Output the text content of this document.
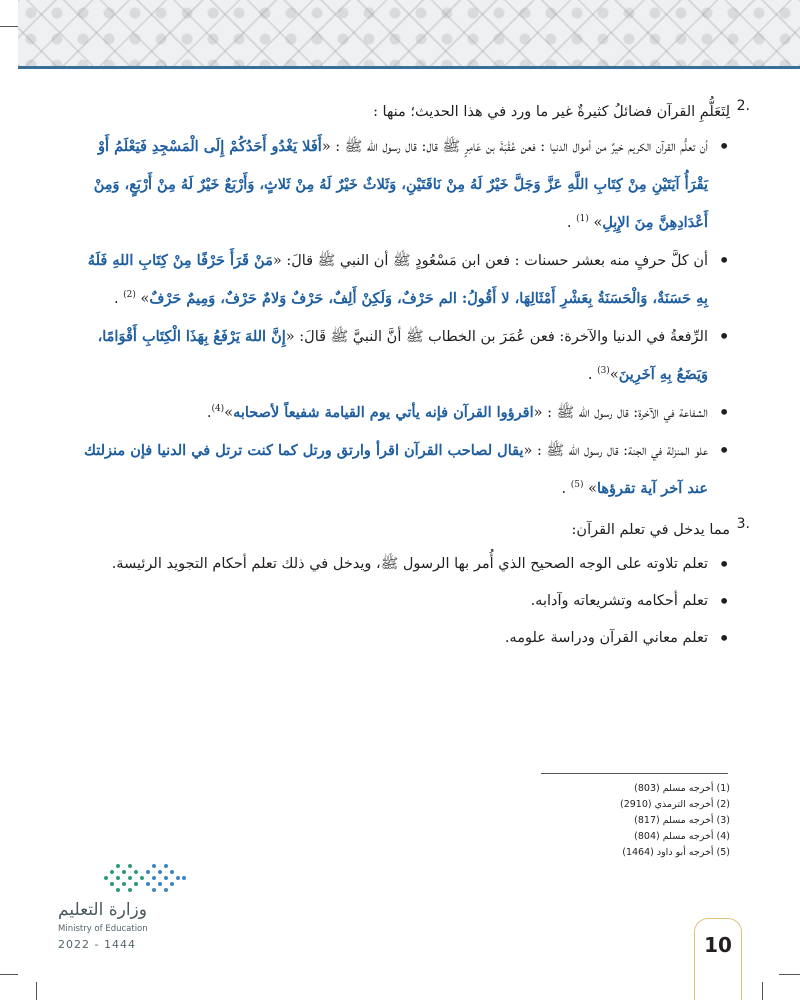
2.
لِتَعَلُّمِ القرآن فضائلُ كثيرةٌ غير ما ورد في هذا الحديث؛ منها :
• أن تعلُّم القرآن الكريم خيرٌ من أموال الدنيا : فعن عُقْبَةَ بن عَامِرٍ ﷺ قال: قال رسول الله ﷺ : «أَفَلا يَغْدُو أَحَدُكُمْ إِلَى الْمَسْجِدِ فَيَعْلَمُ أَوْ يَقْرَأُ آيَتَيْنِ مِنْ كِتَابِ اللَّهِ عَزَّ وَجَلَّ خَيْرٌ لَهُ مِنْ نَاقَتَيْنِ، وَثَلاثٌ خَيْرٌ لَهُ مِنْ ثَلاثٍ، وَأَرْبَعٌ خَيْرٌ لَهُ مِنْ أَرْبَعٍ، وَمِنْ أَعْدَادِهِنَّ مِنَ الإِبِلِ» $^{(1)}$ .
• أن كلَّ حرفٍ منه بعشر حسنات : فعن ابن مَسْعُودٍ ﷺ أن النبي ﷺ قالَ: «مَنْ قَرَأَ حَرْفًا مِنْ كِتَابِ اللهِ فَلَهُ بِهِ حَسَنَةٌ، وَالْحَسَنَةُ بِعَشْرِ أَمْثَالِهَا، لا أَقُولُ: الم حَرْفٌ، وَلَكِنْ أَلِفٌ، حَرْفٌ وَلامٌ حَرْفٌ، وَمِيمٌ حَرْفٌ» $^{(2)}$ .
• الرِّفعةُ في الدنيا والآخرة: فعن عُمَرَ بن الخطاب ﷺ أنَّ النبيَّ ﷺ قَالَ: «إِنَّ اللهَ يَرْفَعُ بِهَذَا الْكِتَابِ أَقْوَامًا، وَيَضَعُ بِهِ آخَرِينَ»$^{(3)}$ .
• الشفاعة في الآخرة: قال رسول الله ﷺ : «اقرؤوا القرآن فإنه يأتي يوم القيامة شفيعاً لأصحابه»$^{(4)}$.
• علو المنزلة في الجنة: قال رسول الله ﷺ : «يقال لصاحب القرآن اقرأ وارتق ورتل كما كنت ترتل في الدنيا فإن منزلتك عند آخر آية تقرؤها» $^{(5)}$ .
3.
مما يدخل في تعلم القرآن:
• تعلم تلاوته على الوجه الصحيح الذي أُمر بها الرسول ﷺ، ويدخل في ذلك تعلم أحكام التجويد الرئيسة.
• تعلم أحكامه وتشريعاته وآدابه.
• تعلم معاني القرآن ودراسة علومه.
(1) أخرجه مسلم (803)
(2) أخرجه الترمذي (2910)
(3) أخرجه مسلم (817)
(4) أخرجه مسلم (804)
(5) أخرجه أبو داود (1464)
وزارة التعليم
Ministry of Education
2022 - 1444	10
